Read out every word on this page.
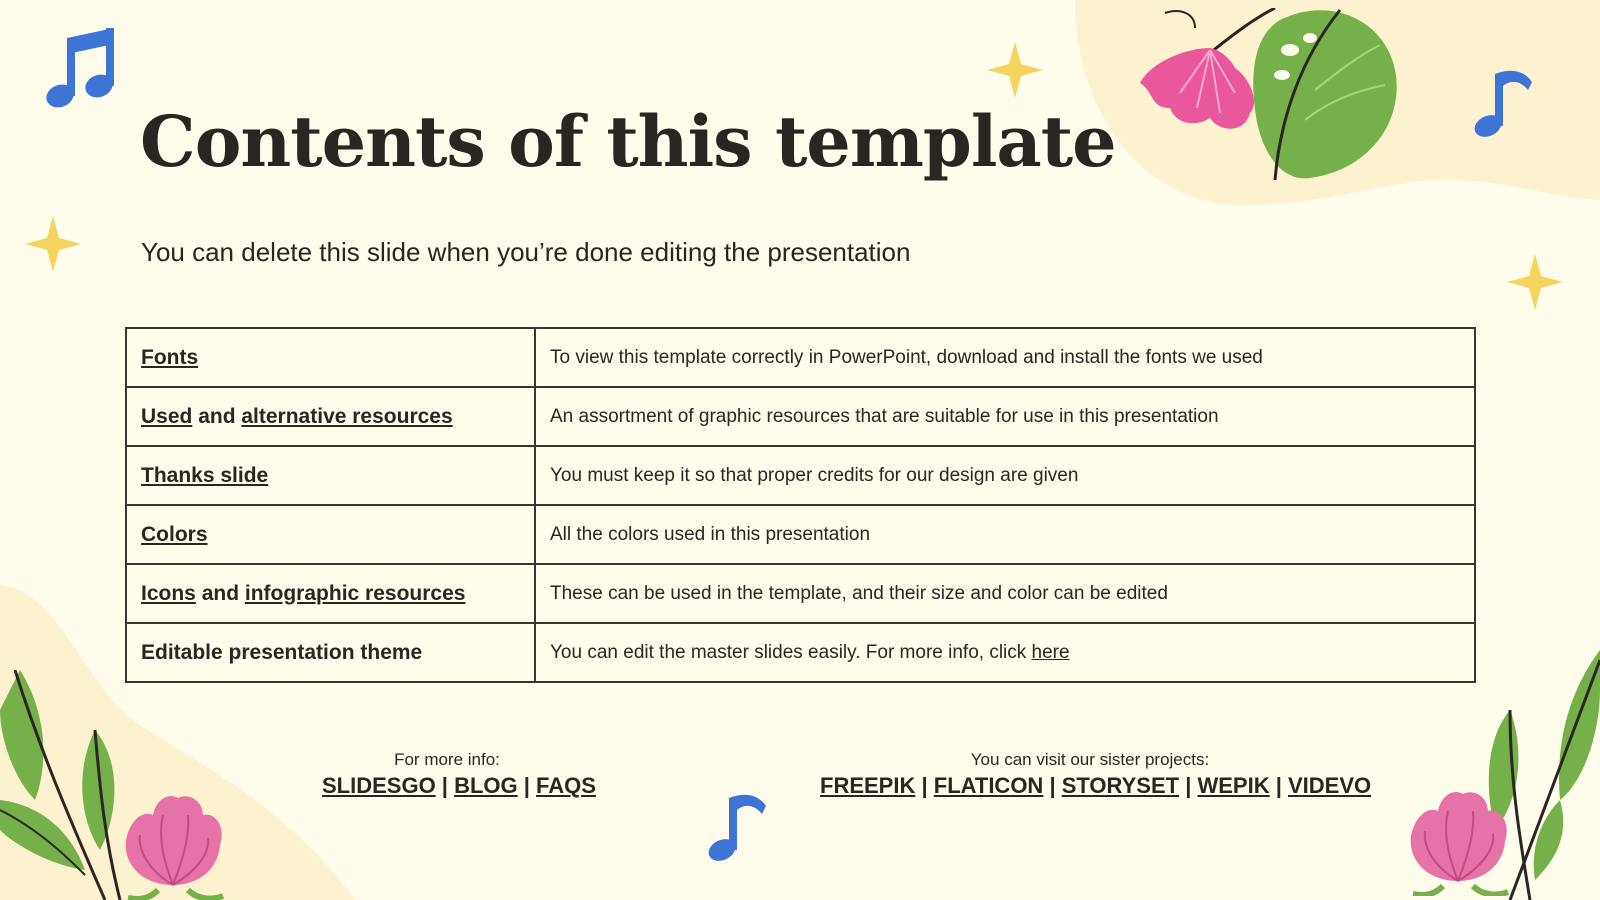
Contents of this template

You can delete this slide when you’re done editing the presentation

Fonts	To view this template correctly in PowerPoint, download and install the fonts we used
Used and alternative resources	An assortment of graphic resources that are suitable for use in this presentation
Thanks slide	You must keep it so that proper credits for our design are given
Colors	All the colors used in this presentation
Icons and infographic resources	These can be used in the template, and their size and color can be edited
Editable presentation theme	You can edit the master slides easily. For more info, click here
For more info:
SLIDESGO | BLOG | FAQS
You can visit our sister projects:
FREEPIK | FLATICON | STORYSET | WEPIK | VIDEVO
